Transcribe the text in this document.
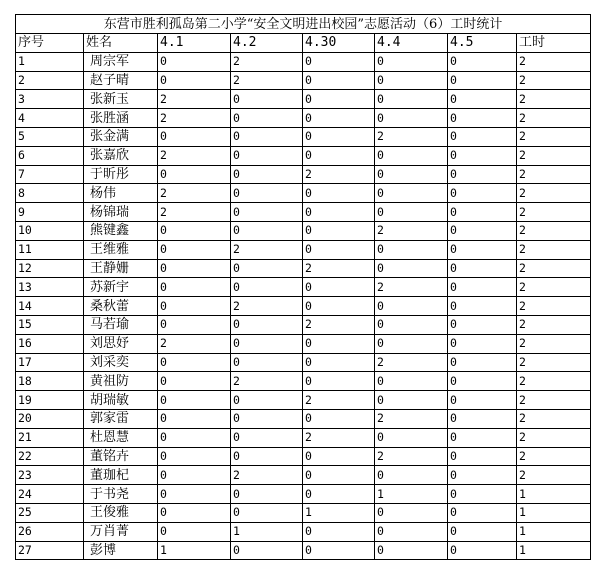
东营市胜利孤岛第二小学“安全文明进出校园”志愿活动（6）工时统计							
序号	姓名	4.1	4.2	4.30	4.4	4.5	工时
1	周宗军	0	2	0	0	0	2
2	赵子晴	0	2	0	0	0	2
3	张新玉	2	0	0	0	0	2
4	张胜涵	2	0	0	0	0	2
5	张金满	0	0	0	2	0	2
6	张嘉欣	2	0	0	0	0	2
7	于昕彤	0	0	2	0	0	2
8	杨伟	2	0	0	0	0	2
9	杨锦瑞	2	0	0	0	0	2
10	熊键鑫	0	0	0	2	0	2
11	王维雅	0	2	0	0	0	2
12	王静姗	0	0	2	0	0	2
13	苏新宇	0	0	0	2	0	2
14	桑秋蕾	0	2	0	0	0	2
15	马若瑜	0	0	2	0	0	2
16	刘思妤	2	0	0	0	0	2
17	刘采奕	0	0	0	2	0	2
18	黄祖防	0	2	0	0	0	2
19	胡瑞敏	0	0	2	0	0	2
20	郭家雷	0	0	0	2	0	2
21	杜恩慧	0	0	2	0	0	2
22	董铭卉	0	0	0	2	0	2
23	董珈杞	0	2	0	0	0	2
24	于书尧	0	0	0	1	0	1
25	王俊雅	0	0	1	0	0	1
26	万肖菁	0	1	0	0	0	1
27	彭博	1	0	0	0	0	1
